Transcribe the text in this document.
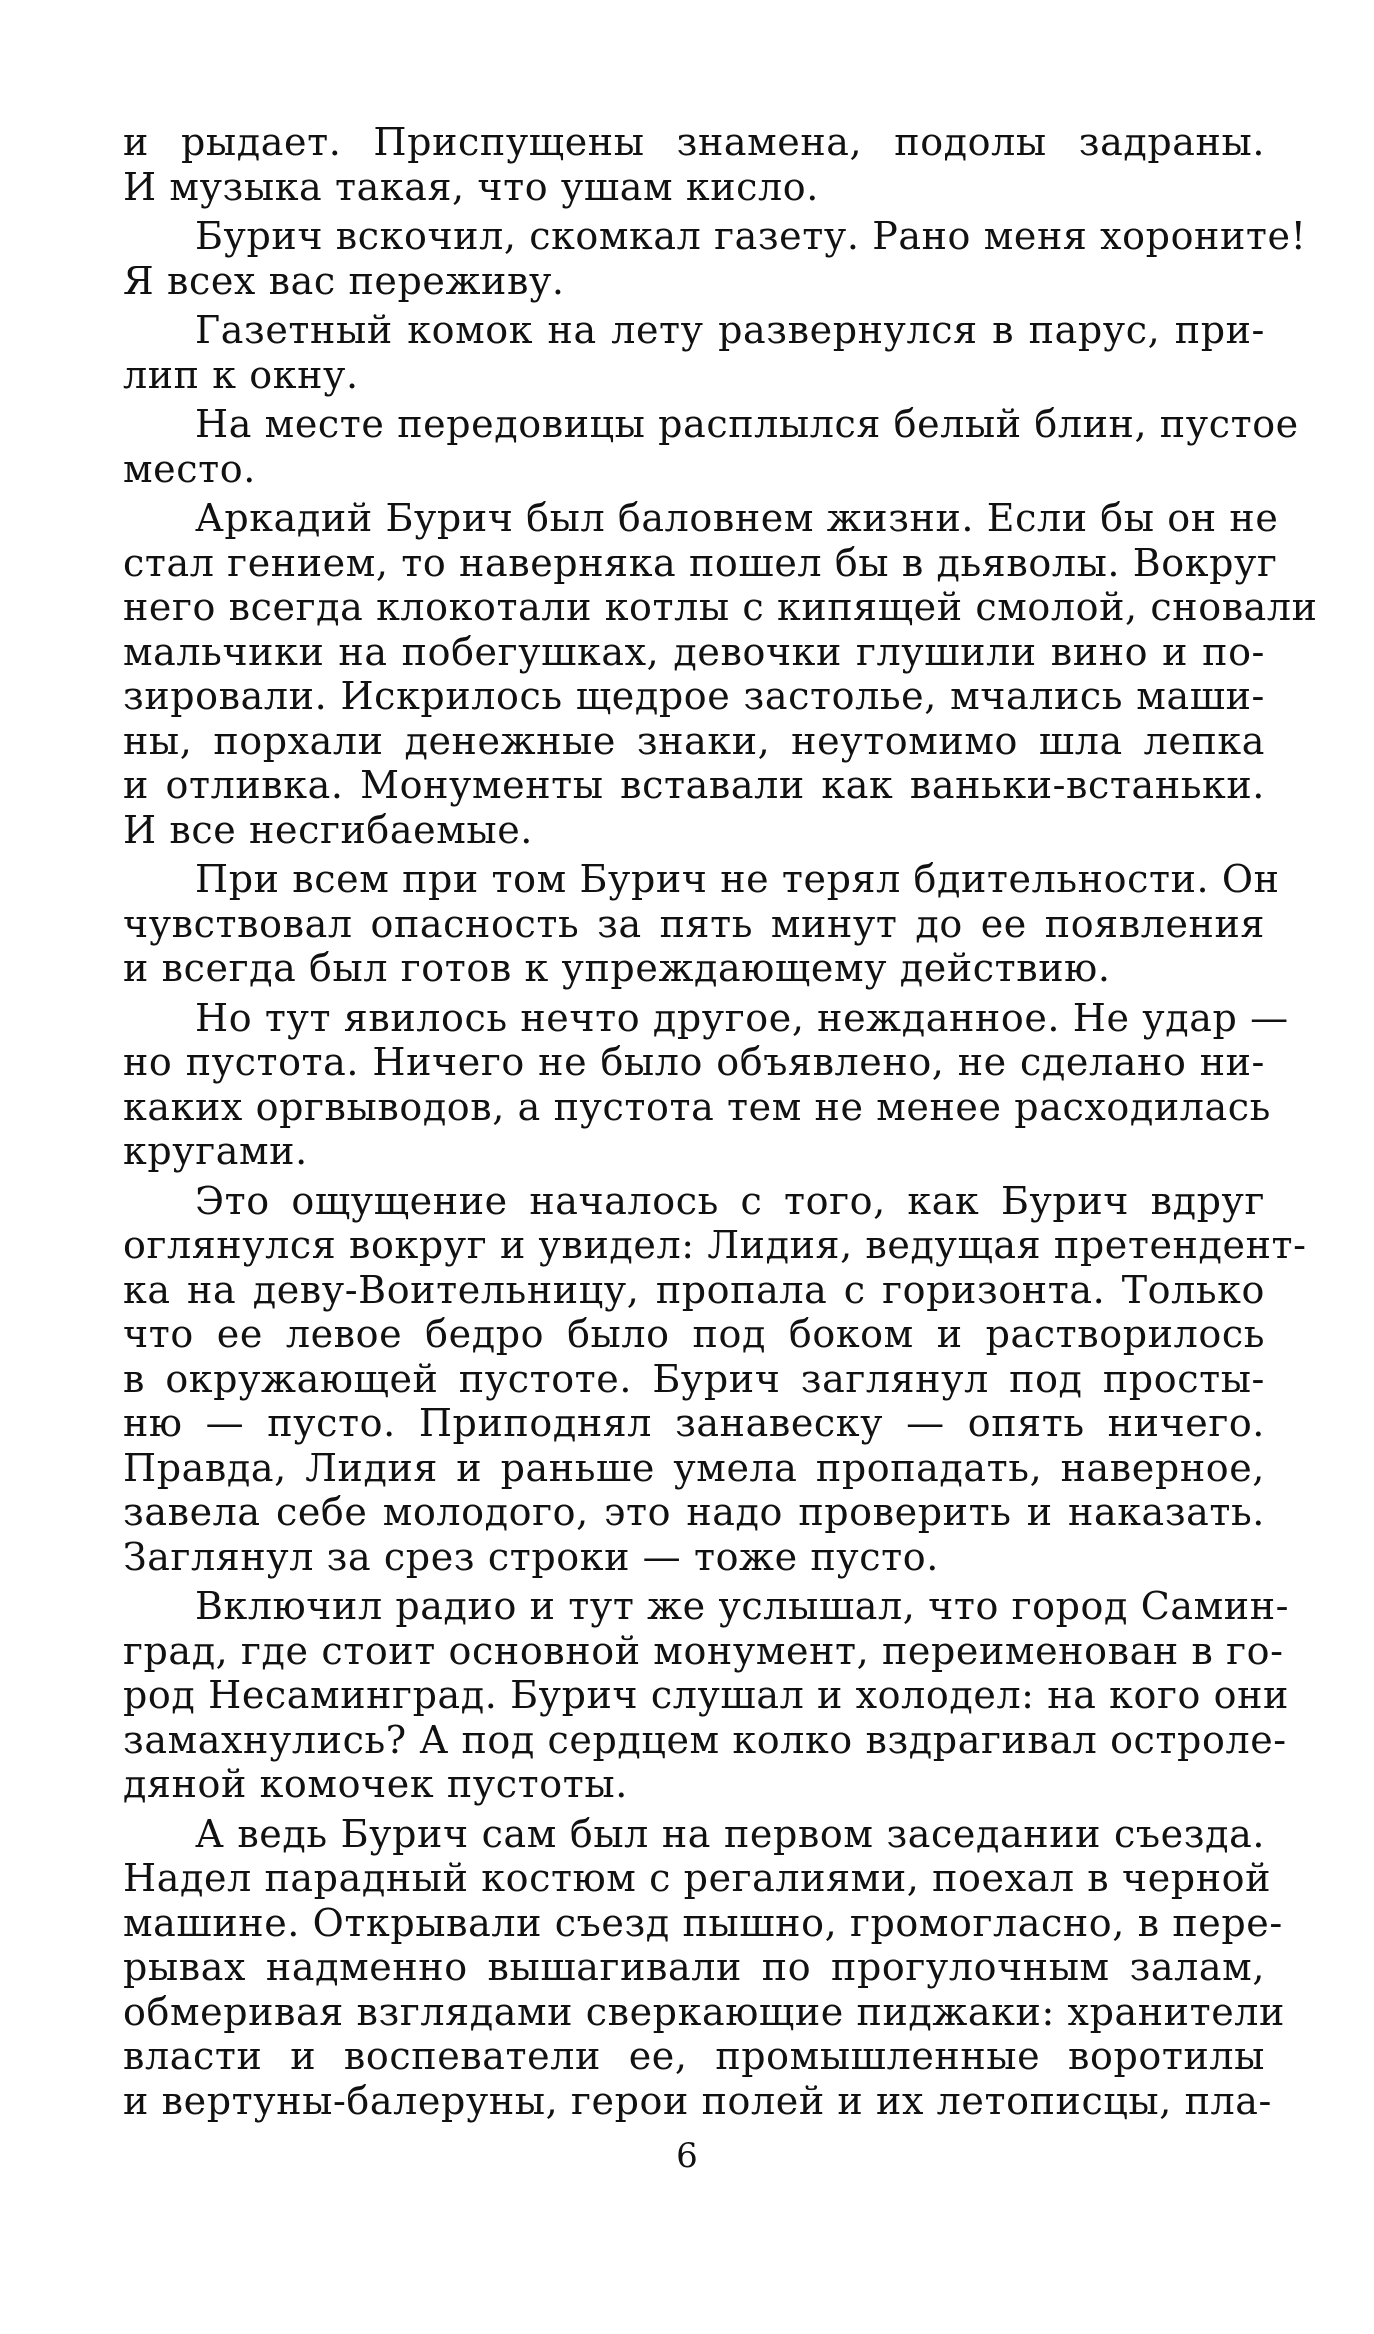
и рыдает. Приспущены знамена, подолы задраны.
И музыка такая, что ушам кисло.

Бурич вскочил, скомкал газету. Рано меня хороните!
Я всех вас переживу.

Газетный комок на лету развернулся в парус, при-
лип к окну.

На месте передовицы расплылся белый блин, пустое
место.

Аркадий Бурич был баловнем жизни. Если бы он не
стал гением, то наверняка пошел бы в дьяволы. Вокруг
него всегда клокотали котлы с кипящей смолой, сновали
мальчики на побегушках, девочки глушили вино и по-
зировали. Искрилось щедрое застолье, мчались маши-
ны, порхали денежные знаки, неутомимо шла лепка
и отливка. Монументы вставали как ваньки-встаньки.
И все несгибаемые.

При всем при том Бурич не терял бдительности. Он
чувствовал опасность за пять минут до ее появления
и всегда был готов к упреждающему действию.

Но тут явилось нечто другое, нежданное. Не удар —
но пустота. Ничего не было объявлено, не сделано ни-
каких оргвыводов, а пустота тем не менее расходилась
кругами.

Это ощущение началось с того, как Бурич вдруг
оглянулся вокруг и увидел: Лидия, ведущая претендент-
ка на деву-Воительницу, пропала с горизонта. Только
что ее левое бедро было под боком и растворилось
в окружающей пустоте. Бурич заглянул под просты-
ню — пусто. Приподнял занавеску — опять ничего.
Правда, Лидия и раньше умела пропадать, наверное,
завела себе молодого, это надо проверить и наказать.
Заглянул за срез строки — тоже пусто.

Включил радио и тут же услышал, что город Самин-
град, где стоит основной монумент, переименован в го-
род Несаминград. Бурич слушал и холодел: на кого они
замахнулись? А под сердцем колко вздрагивал остроле-
дяной комочек пустоты.

А ведь Бурич сам был на первом заседании съезда.
Надел парадный костюм с регалиями, поехал в черной
машине. Открывали съезд пышно, громогласно, в пере-
рывах надменно вышагивали по прогулочным залам,
обмеривая взглядами сверкающие пиджаки: хранители
власти и воспеватели ее, промышленные воротилы
и вертуны-балеруны, герои полей и их летописцы, пла-

6
